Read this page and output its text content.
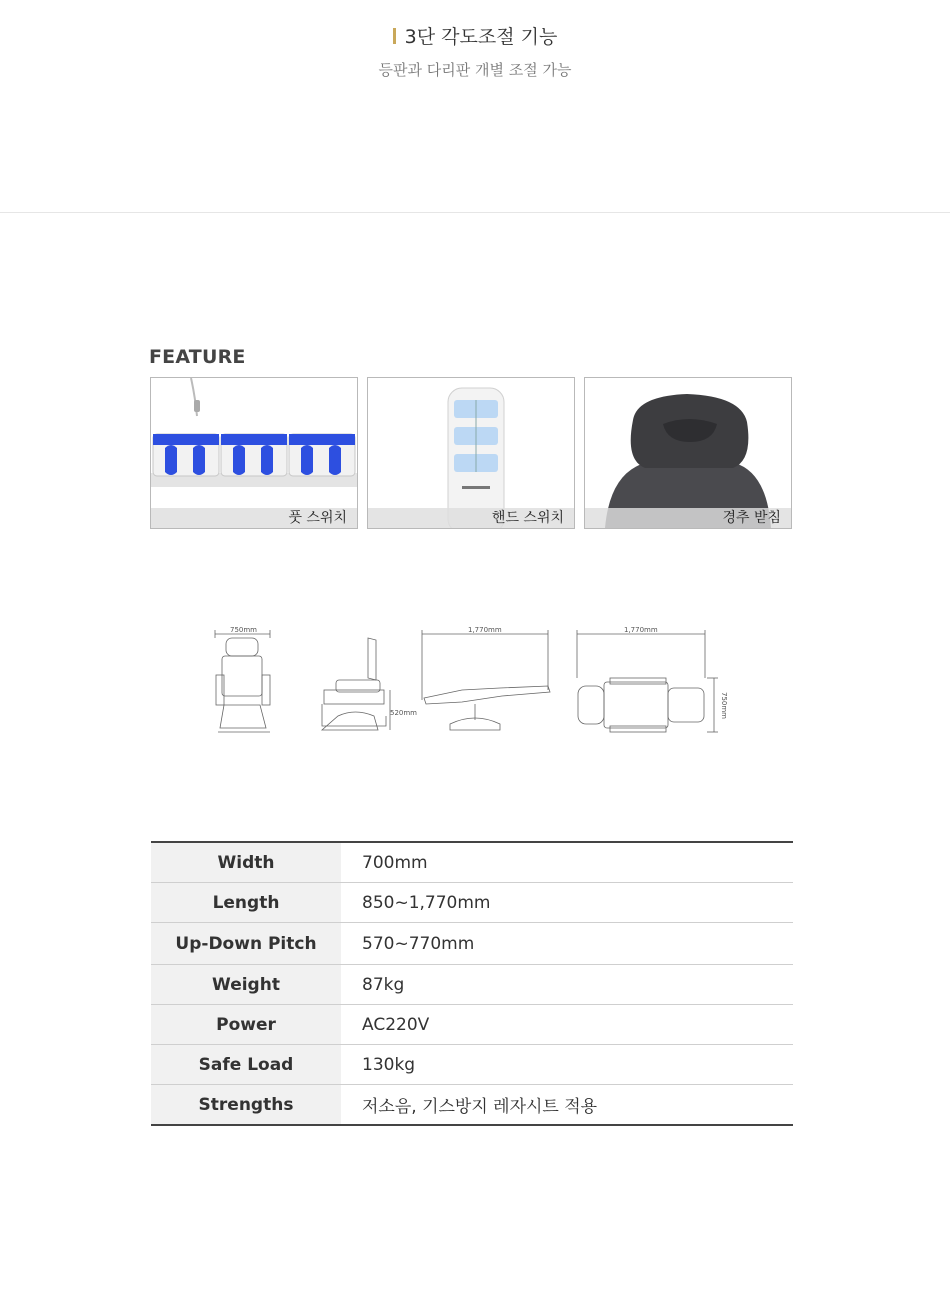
3단 각도조절 기능
등판과 다리판 개별 조절 가능
FEATURE
풋 스위치	핸드 스위치	경추 받침
750mm
520mm
1,770mm	1,770mm
750mm
Width	700mm
Length	850~1,770mm
Up-Down Pitch	570~770mm
Weight	87kg
Power	AC220V
Safe Load	130kg
Strengths	저소음, 기스방지 레자시트 적용
